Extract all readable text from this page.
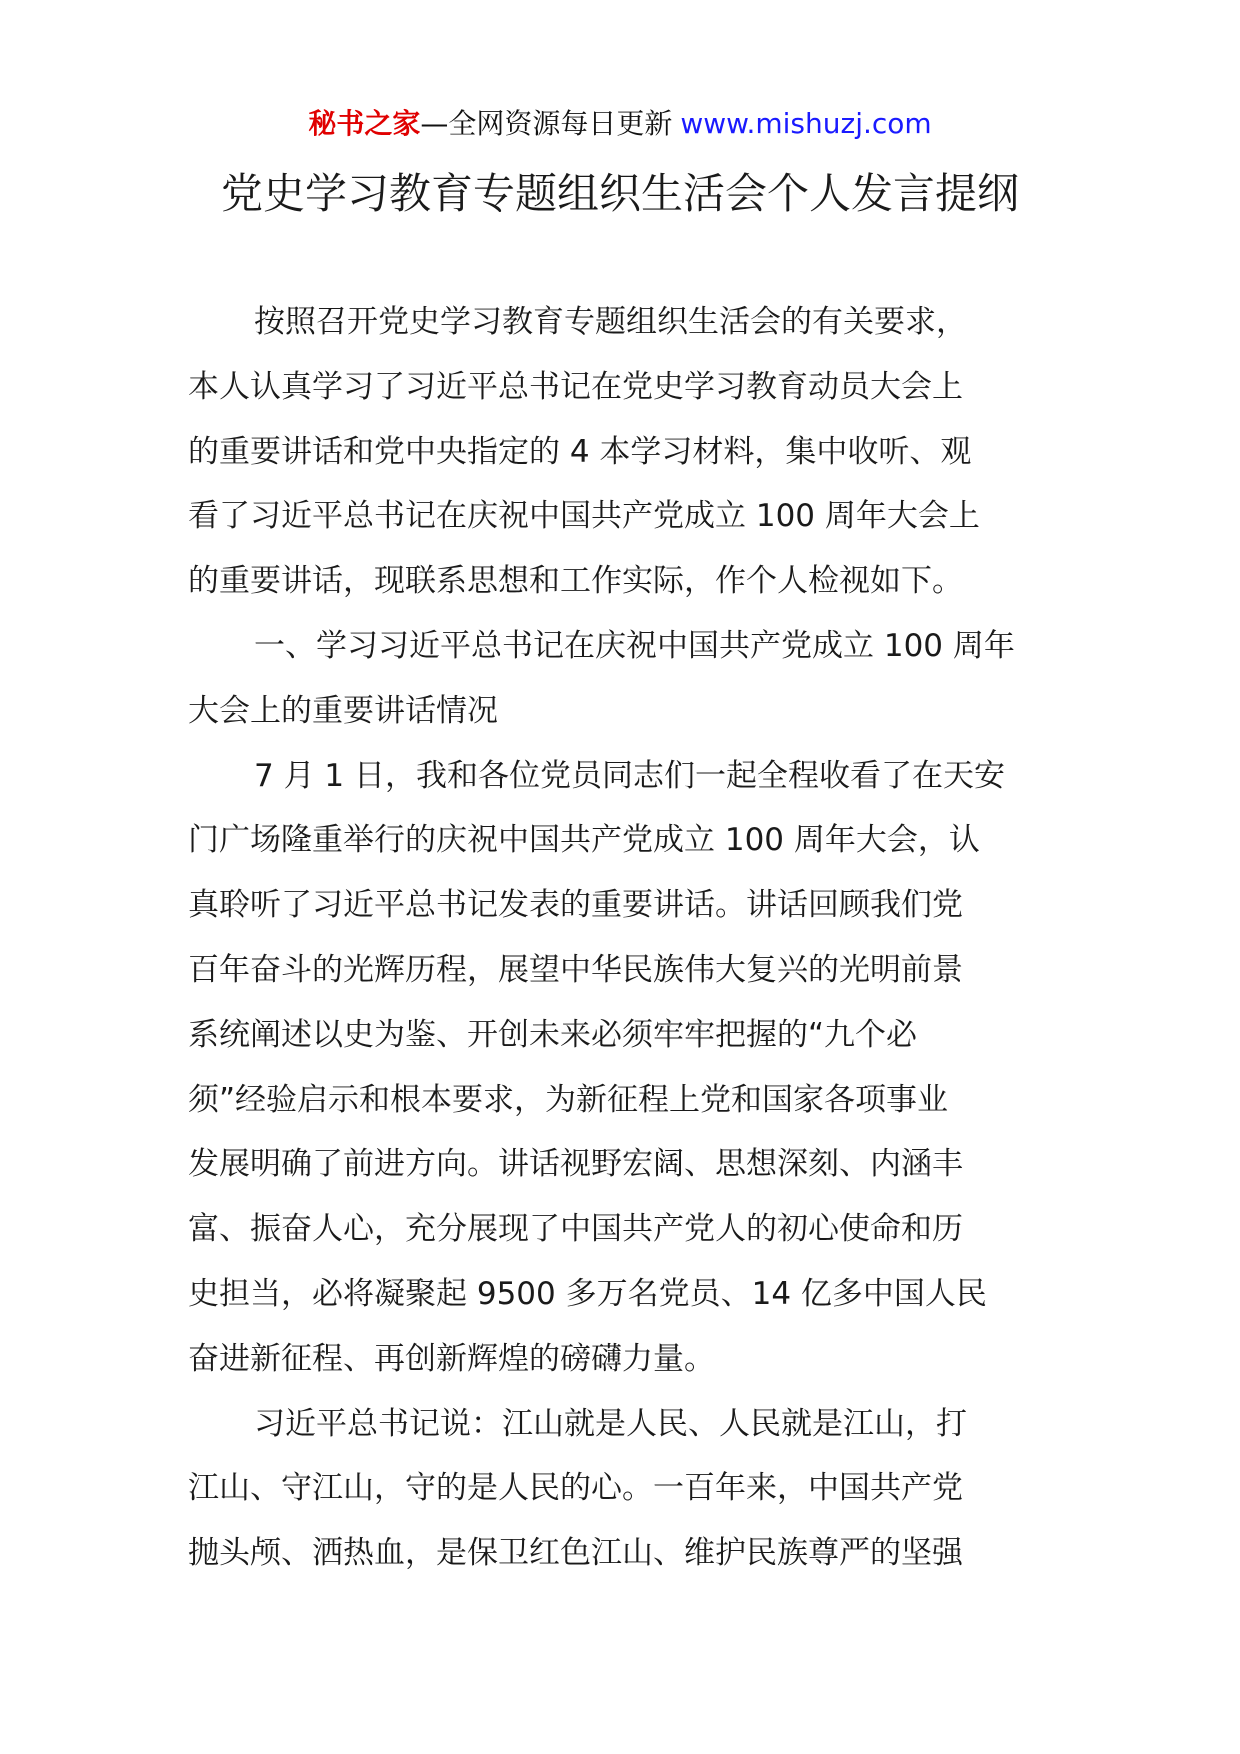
秘书之家—全网资源每日更新 www.mishuzj.com
党史学习教育专题组织生活会个人发言提纲
按照召开党史学习教育专题组织生活会的有关要求，
本人认真学习了习近平总书记在党史学习教育动员大会上
的重要讲话和党中央指定的 4 本学习材料，集中收听、观
看了习近平总书记在庆祝中国共产党成立 100 周年大会上
的重要讲话，现联系思想和工作实际，作个人检视如下。
一、学习习近平总书记在庆祝中国共产党成立 100 周年
大会上的重要讲话情况
7 月 1 日，我和各位党员同志们一起全程收看了在天安
门广场隆重举行的庆祝中国共产党成立 100 周年大会，认
真聆听了习近平总书记发表的重要讲话。讲话回顾我们党
百年奋斗的光辉历程，展望中华民族伟大复兴的光明前景
系统阐述以史为鉴、开创未来必须牢牢把握的“九个必
须”经验启示和根本要求，为新征程上党和国家各项事业
发展明确了前进方向。讲话视野宏阔、思想深刻、内涵丰
富、振奋人心，充分展现了中国共产党人的初心使命和历
史担当，必将凝聚起 9500 多万名党员、14 亿多中国人民
奋进新征程、再创新辉煌的磅礴力量。
习近平总书记说：江山就是人民、人民就是江山，打
江山、守江山，守的是人民的心。一百年来，中国共产党
抛头颅、洒热血，是保卫红色江山、维护民族尊严的坚强
